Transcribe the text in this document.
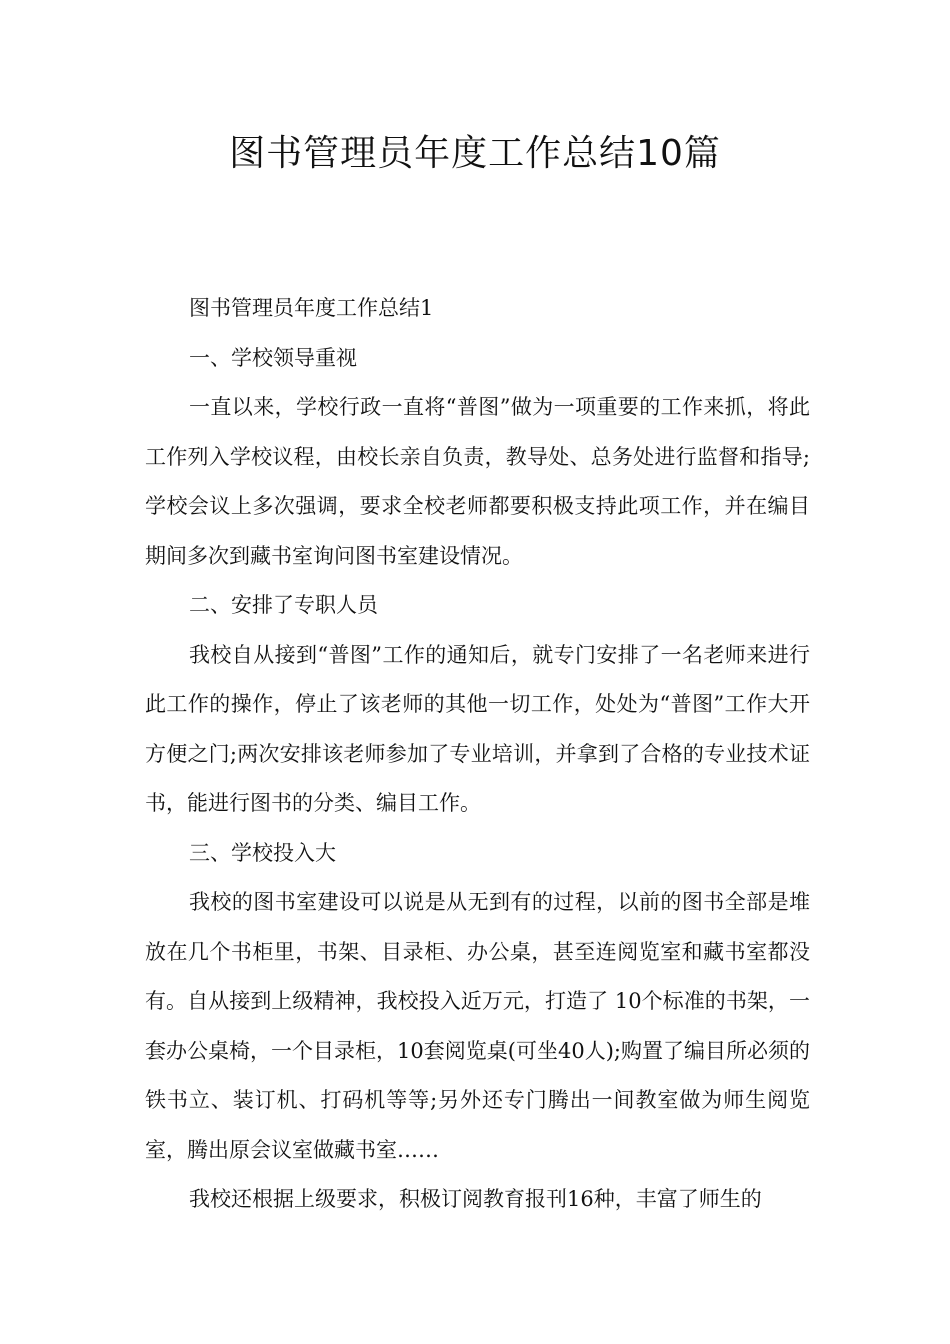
图书管理员年度工作总结10篇

图书管理员年度工作总结1

一、学校领导重视

一直以来，学校行政一直将“普图”做为一项重要的工作来抓，将此工作列入学校议程，由校长亲自负责，教导处、总务处进行监督和指导;学校会议上多次强调，要求全校老师都要积极支持此项工作，并在编目期间多次到藏书室询问图书室建设情况。

二、安排了专职人员

我校自从接到“普图”工作的通知后，就专门安排了一名老师来进行此工作的操作，停止了该老师的其他一切工作，处处为“普图”工作大开方便之门;两次安排该老师参加了专业培训，并拿到了合格的专业技术证书，能进行图书的分类、编目工作。

三、学校投入大

我校的图书室建设可以说是从无到有的过程，以前的图书全部是堆放在几个书柜里，书架、目录柜、办公桌，甚至连阅览室和藏书室都没有。自从接到上级精神，我校投入近万元，打造了 10个标准的书架，一套办公桌椅，一个目录柜，10套阅览桌(可坐40人);购置了编目所必须的铁书立、装订机、打码机等等;另外还专门腾出一间教室做为师生阅览室，腾出原会议室做藏书室……

我校还根据上级要求，积极订阅教育报刊16种，丰富了师生的
